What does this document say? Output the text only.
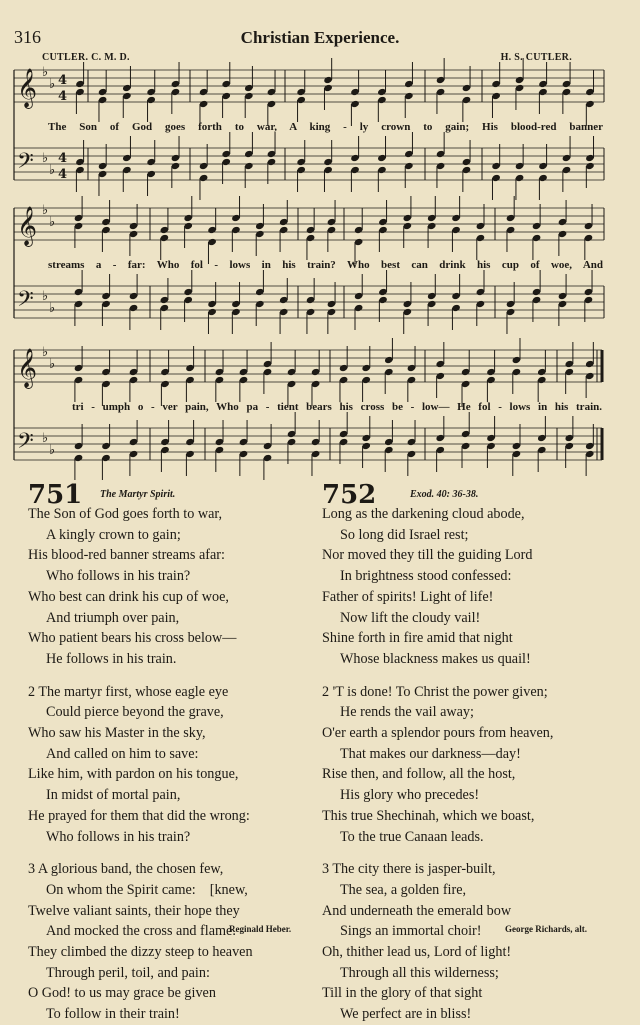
316	Christian Experience.
CUTLER. C. M. D.	H. S. CUTLER.
𝄞 ♭
♭ 4
4
𝄢 ♭
♭
4
4
𝄞 ♭
♭
𝄢 ♭
♭
𝄞 ♭
♭
𝄢 ♭
♭
The Son of God goes forth to war, A king - ly crown to gain; His blood-red banner
streams a - far: Who fol - lows in his train? Who best can drink his cup of woe, And
tri - umph o - ver pain, Who pa - tient bears his cross be - low— He fol - lows in his train.
751 The Martyr Spirit.	752	Exod. 40: 36-38.
The Son of God goes forth to war,
A kingly crown to gain;
His blood-red banner streams afar:
Who follows in his train?
Who best can drink his cup of woe,
And triumph over pain,
Who patient bears his cross below—
He follows in his train.
2 The martyr first, whose eagle eye
Could pierce beyond the grave,
Who saw his Master in the sky,
And called on him to save:
Like him, with pardon on his tongue,
In midst of mortal pain,
He prayed for them that did the wrong:
Who follows in his train?
3 A glorious band, the chosen few,
On whom the Spirit came: [knew,
Twelve valiant saints, their hope they
And mocked the cross and flame.
They climbed the dizzy steep to heaven
Through peril, toil, and pain:
O God! to us may grace be given
To follow in their train!
Long as the darkening cloud abode,
So long did Israel rest;
Nor moved they till the guiding Lord
In brightness stood confessed:
Father of spirits! Light of life!
Now lift the cloudy vail!
Shine forth in fire amid that night
Whose blackness makes us quail!
2 'T is done! To Christ the power given;
He rends the vail away;
O'er earth a splendor pours from heaven,
That makes our darkness—day!
Rise then, and follow, all the host,
His glory who precedes!
This true Shechinah, which we boast,
To the true Canaan leads.
3 The city there is jasper-built,
The sea, a golden fire,
And underneath the emerald bow
Sings an immortal choir!
Oh, thither lead us, Lord of light!
Through all this wilderness;
Till in the glory of that sight
We perfect are in bliss!
Reginald Heber.	George Richards, alt.
